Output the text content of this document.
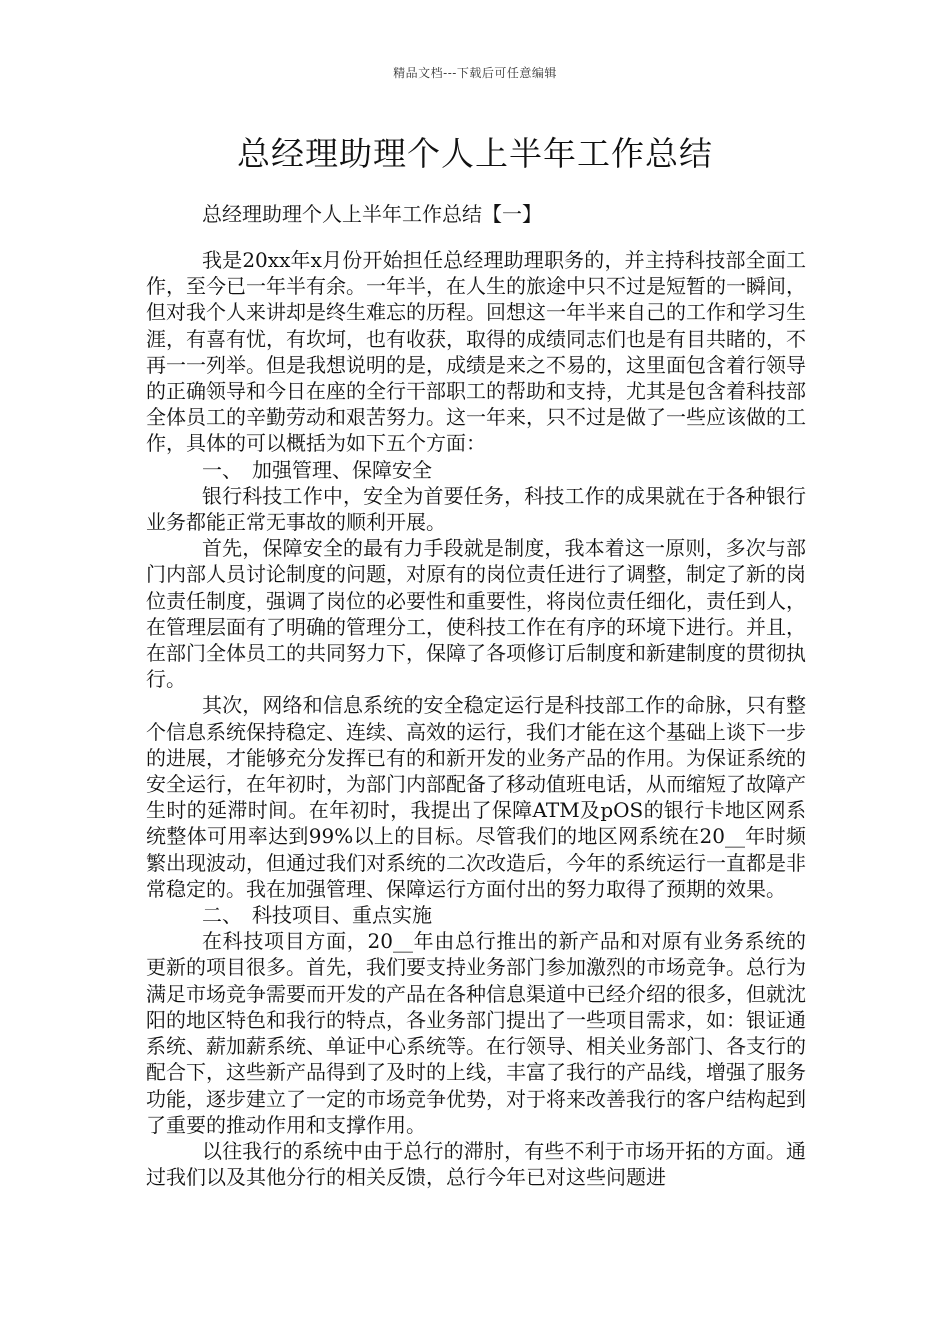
精品文档---下载后可任意编辑
总经理助理个人上半年工作总结
总经理助理个人上半年工作总结【一】

我是20xx年x月份开始担任总经理助理职务的，并主持科技部全面工作，至今已一年半有余。一年半，在人生的旅途中只不过是短暂的一瞬间，但对我个人来讲却是终生难忘的历程。回想这一年半来自己的工作和学习生涯，有喜有忧，有坎坷，也有收获，取得的成绩同志们也是有目共睹的，不再一一列举。但是我想说明的是，成绩是来之不易的，这里面包含着行领导的正确领导和今日在座的全行干部职工的帮助和支持，尤其是包含着科技部全体员工的辛勤劳动和艰苦努力。这一年来，只不过是做了一些应该做的工作，具体的可以概括为如下五个方面：

一、　加强管理、保障安全

银行科技工作中，安全为首要任务，科技工作的成果就在于各种银行业务都能正常无事故的顺利开展。

首先，保障安全的最有力手段就是制度，我本着这一原则，多次与部门内部人员讨论制度的问题，对原有的岗位责任进行了调整，制定了新的岗位责任制度，强调了岗位的必要性和重要性，将岗位责任细化，责任到人，在管理层面有了明确的管理分工，使科技工作在有序的环境下进行。并且，在部门全体员工的共同努力下，保障了各项修订后制度和新建制度的贯彻执行。

其次，网络和信息系统的安全稳定运行是科技部工作的命脉，只有整个信息系统保持稳定、连续、高效的运行，我们才能在这个基础上谈下一步的进展，才能够充分发挥已有的和新开发的业务产品的作用。为保证系统的安全运行，在年初时，为部门内部配备了移动值班电话，从而缩短了故障产生时的延滞时间。在年初时，我提出了保障ATM及pOS的银行卡地区网系统整体可用率达到99%以上的目标。尽管我们的地区网系统在20__年时频繁出现波动，但通过我们对系统的二次改造后，今年的系统运行一直都是非常稳定的。我在加强管理、保障运行方面付出的努力取得了预期的效果。

二、　科技项目、重点实施

在科技项目方面，20__年由总行推出的新产品和对原有业务系统的更新的项目很多。首先，我们要支持业务部门参加激烈的市场竞争。总行为满足市场竞争需要而开发的产品在各种信息渠道中已经介绍的很多，但就沈阳的地区特色和我行的特点，各业务部门提出了一些项目需求，如：银证通系统、薪加薪系统、单证中心系统等。在行领导、相关业务部门、各支行的配合下，这些新产品得到了及时的上线，丰富了我行的产品线，增强了服务功能，逐步建立了一定的市场竞争优势，对于将来改善我行的客户结构起到了重要的推动作用和支撑作用。

以往我行的系统中由于总行的滞肘，有些不利于市场开拓的方面。通过我们以及其他分行的相关反馈，总行今年已对这些问题进
